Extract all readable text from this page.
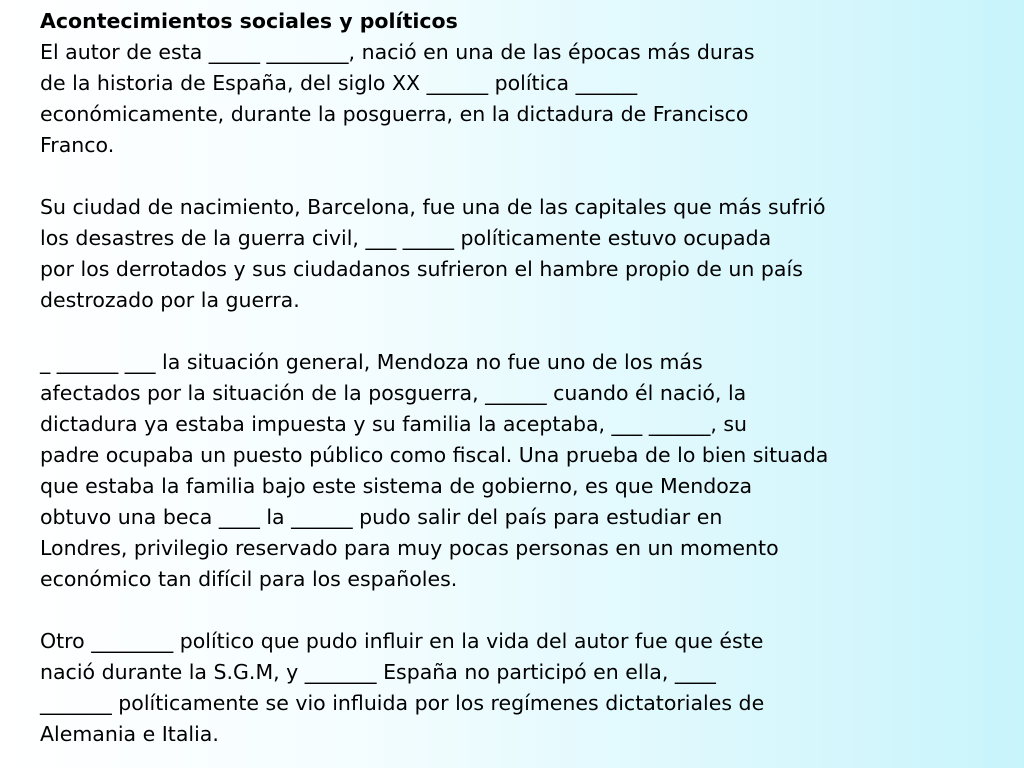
Acontecimientos sociales y políticos

El autor de esta _____ ________, nació en una de las épocas más duras
de la historia de España, del siglo XX ______ política ______
económicamente, durante la posguerra, en la dictadura de Francisco
Franco.

Su ciudad de nacimiento, Barcelona, fue una de las capitales que más sufrió
los desastres de la guerra civil, ___ _____ políticamente estuvo ocupada
por los derrotados y sus ciudadanos sufrieron el hambre propio de un país
destrozado por la guerra.

_ ______ ___ la situación general, Mendoza no fue uno de los más
afectados por la situación de la posguerra, ______ cuando él nació, la
dictadura ya estaba impuesta y su familia la aceptaba, ___ ______, su
padre ocupaba un puesto público como fiscal. Una prueba de lo bien situada
que estaba la familia bajo este sistema de gobierno, es que Mendoza
obtuvo una beca ____ la ______ pudo salir del país para estudiar en
Londres, privilegio reservado para muy pocas personas en un momento
económico tan difícil para los españoles.

Otro ________ político que pudo influir en la vida del autor fue que éste
nació durante la S.G.M, y _______ España no participó en ella, ____
_______ políticamente se vio influida por los regímenes dictatoriales de
Alemania e Italia.
